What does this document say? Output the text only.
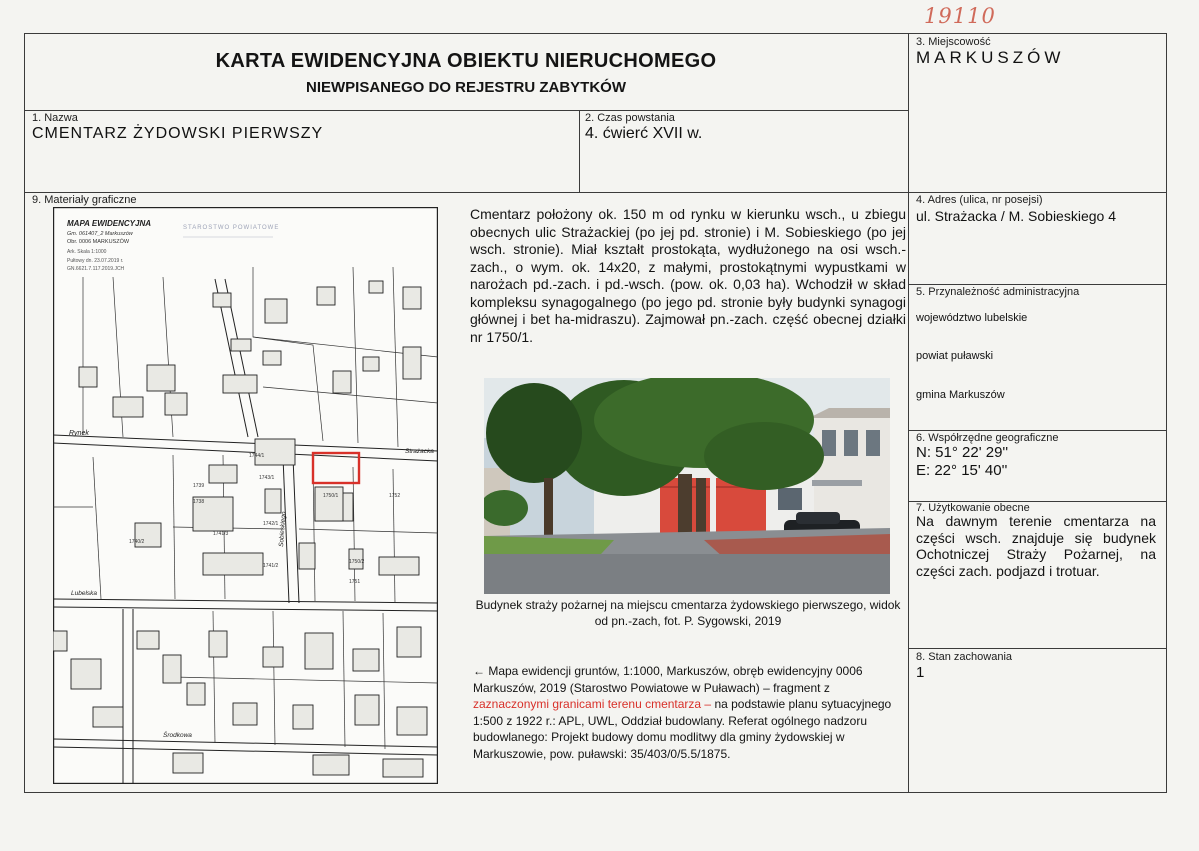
19110
KARTA EWIDENCYJNA OBIEKTU NIERUCHOMEGO
NIEWPISANEGO DO REJESTRU ZABYTKÓW
3. Miejscowość
MARKUSZÓW
1. Nazwa
CMENTARZ ŻYDOWSKI PIERWSZY
2. Czas powstania
4. ćwierć XVII w.
9. Materiały graficzne	4. Adres (ulica, nr posejsi)
ul. Strażacka / M. Sobieskiego 4
5. Przynależność administracyjna
województwo lubelskie
powiat puławski
gmina Markuszów
6. Współrzędne geograficzne
N: 51° 22' 29''
E: 22° 15' 40''
7. Użytkowanie obecne
Na dawnym terenie cmentarza na części wsch. znajduje się budynek Ochotniczej Straży Pożarnej, na części zach. podjazd i trotuar.
8. Stan zachowania
1
Cmentarz położony ok. 150 m od rynku w kierunku wsch., u zbiegu obecnych ulic Strażackiej (po jej pd. stronie) i M. Sobieskiego (po jej wsch. stronie). Miał kształt prostokąta, wydłużonego na osi wsch.-zach., o wym. ok. 14x20, z małymi, prostokątnymi wypustkami w narożach pd.-zach. i pd.-wsch. (pow. ok. 0,03 ha). Wchodził w skład kompleksu synagogalnego (po jego pd. stronie były budynki synagogi głównej i bet ha-midraszu). Zajmował pn.-zach. część obecnej działki nr 1750/1.
Budynek straży pożarnej na miejscu cmentarza żydowskiego pierwszego, widok od pn.-zach, fot. P. Sygowski, 2019
← Mapa ewidencji gruntów, 1:1000, Markuszów, obręb ewidencyjny 0006 Markuszów, 2019 (Starostwo Powiatowe w Puławach) – fragment z zaznaczonymi granicami terenu cmentarza – na podstawie planu sytuacyjnego 1:500 z 1922 r.: APL, UWL, Oddział budowlany. Referat ogólnego nadzoru budowlanego: Projekt budowy domu modlitwy dla gminy żydowskiej w Markuszowie, pow. puławski: 35/403/0/5.5/1875.
MAPA EWIDENCYJNA
Gm. 061407_2 Markuszów
Obr. 0006 MARKUSZÓW
Ark. Skala 1:1000
Pułtowy dn. 23.07.2019 r.
GN.6621.7.117.2019.JCH
STAROSTWO POWIATOWE
Rynek
Strażacka
Sobieskiego
Lubelska
Środkowa
1750/1	1752
1743/1
1742/1
1741/3
1741/2
1750/2
1751
1739
1738
1740/2
1744/1
